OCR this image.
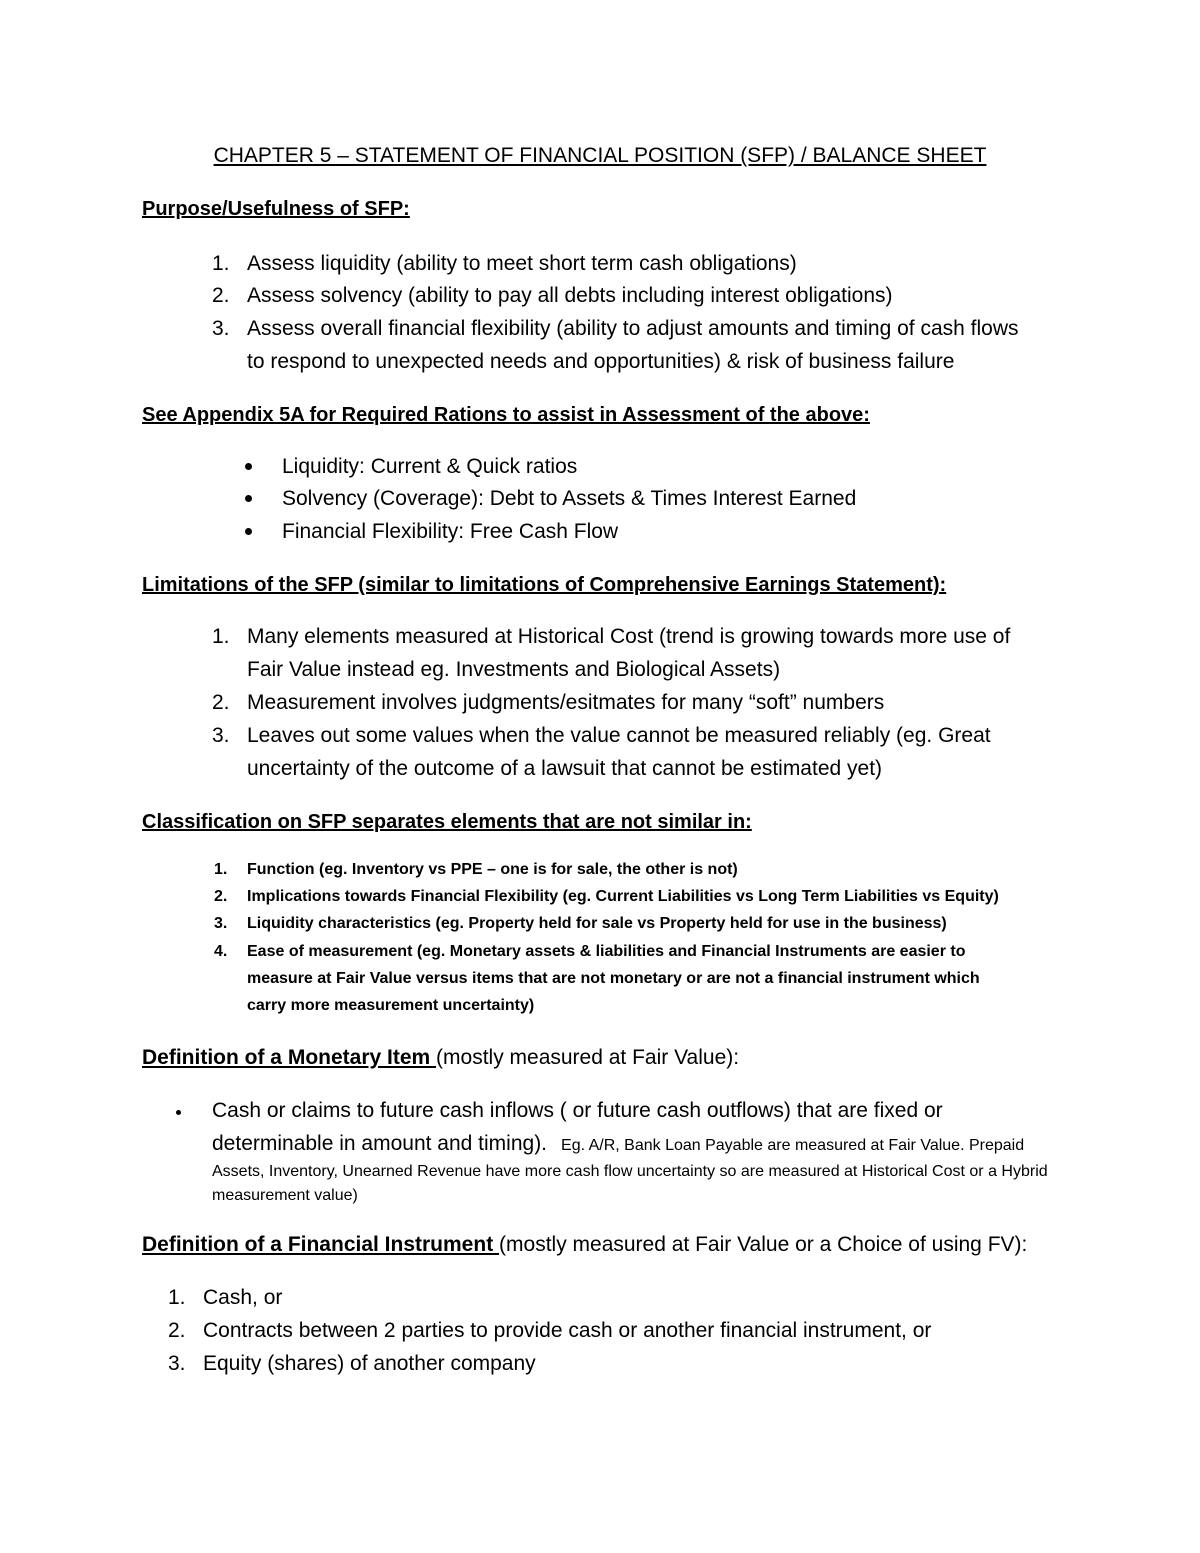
CHAPTER 5 – STATEMENT OF FINANCIAL POSITION (SFP) / BALANCE SHEET

Purpose/Usefulness of SFP:

1. Assess liquidity (ability to meet short term cash obligations)
2. Assess solvency (ability to pay all debts including interest obligations)
3. Assess overall financial flexibility (ability to adjust amounts and timing of cash flows
to respond to unexpected needs and opportunities) & risk of business failure

See Appendix 5A for Required Rations to assist in Assessment of the above:

Liquidity: Current & Quick ratios
Solvency (Coverage): Debt to Assets & Times Interest Earned
Financial Flexibility: Free Cash Flow

Limitations of the SFP (similar to limitations of Comprehensive Earnings Statement):

1. Many elements measured at Historical Cost (trend is growing towards more use of
Fair Value instead eg. Investments and Biological Assets)
2. Measurement involves judgments/esitmates for many “soft” numbers
3. Leaves out some values when the value cannot be measured reliably (eg. Great
uncertainty of the outcome of a lawsuit that cannot be estimated yet)

Classification on SFP separates elements that are not similar in:

1. Function (eg. Inventory vs PPE – one is for sale, the other is not)
2. Implications towards Financial Flexibility (eg. Current Liabilities vs Long Term Liabilities vs Equity)
3. Liquidity characteristics (eg. Property held for sale vs Property held for use in the business)
4. Ease of measurement (eg. Monetary assets & liabilities and Financial Instruments are easier to
measure at Fair Value versus items that are not monetary or are not a financial instrument which
carry more measurement uncertainty)

Definition of a Monetary Item (mostly measured at Fair Value):

Cash or claims to future cash inflows ( or future cash outflows) that are fixed or
determinable in amount and timing). Eg. A/R, Bank Loan Payable are measured at Fair Value. Prepaid
Assets, Inventory, Unearned Revenue have more cash flow uncertainty so are measured at Historical Cost or a Hybrid
measurement value)

Definition of a Financial Instrument (mostly measured at Fair Value or a Choice of using FV):

1. Cash, or
2. Contracts between 2 parties to provide cash or another financial instrument, or
3. Equity (shares) of another company
